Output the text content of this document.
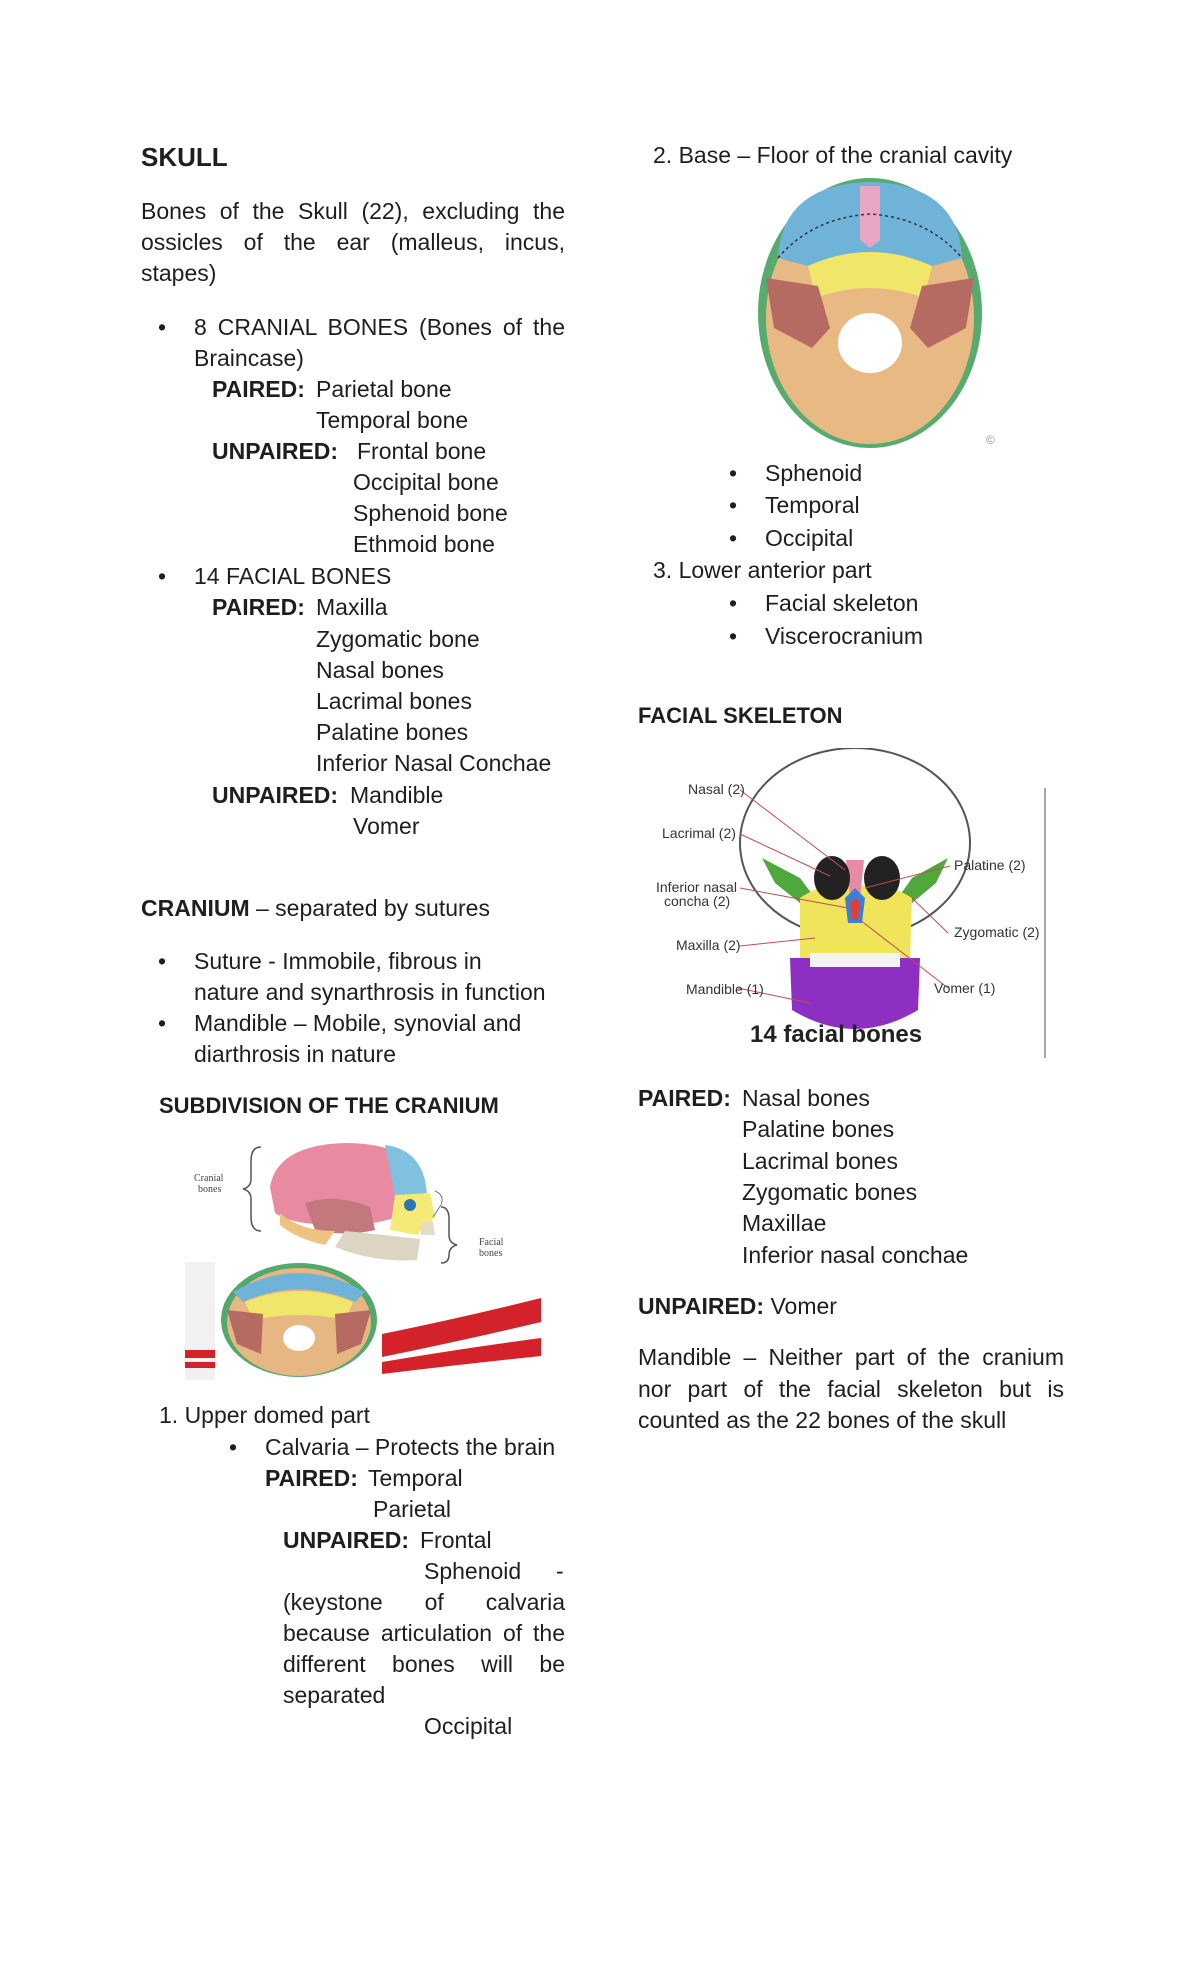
SKULL
Bones of the Skull (22), excluding the
ossicles of the ear (malleus, incus,
stapes)
• 8 CRANIAL BONES (Bones of the
Braincase)
PAIRED: Parietal bone
Temporal bone
UNPAIRED: Frontal bone
Occipital bone
Sphenoid bone
Ethmoid bone
• 14 FACIAL BONES
PAIRED: Maxilla
Zygomatic bone
Nasal bones
Lacrimal bones
Palatine bones
Inferior Nasal Conchae
UNPAIRED: Mandible
Vomer
CRANIUM – separated by sutures
• Suture - Immobile, fibrous in
nature and synarthrosis in function
• Mandible – Mobile, synovial and
diarthrosis in nature
SUBDIVISION OF THE CRANIUM
Cranial
bones
Facial
bones
1. Upper domed part
• Calvaria – Protects the brain
PAIRED: Temporal
Parietal
UNPAIRED: Frontal
Sphenoid -
(keystone of calvaria
because articulation of the
different bones will be
separated
Occipital
2. Base – Floor of the cranial cavity
©
• Sphenoid
• Temporal
• Occipital
3. Lower anterior part
• Facial skeleton
• Viscerocranium
FACIAL SKELETON
Nasal (2)
Lacrimal (2)
Inferior nasal
concha (2)
Maxilla (2)
Mandible (1)
Palatine (2)
Zygomatic (2)
Vomer (1)
14 facial bones
PAIRED: Nasal bones
Palatine bones
Lacrimal bones
Zygomatic bones
Maxillae
Inferior nasal conchae
UNPAIRED: Vomer
Mandible – Neither part of the cranium
nor part of the facial skeleton but is
counted as the 22 bones of the skull
